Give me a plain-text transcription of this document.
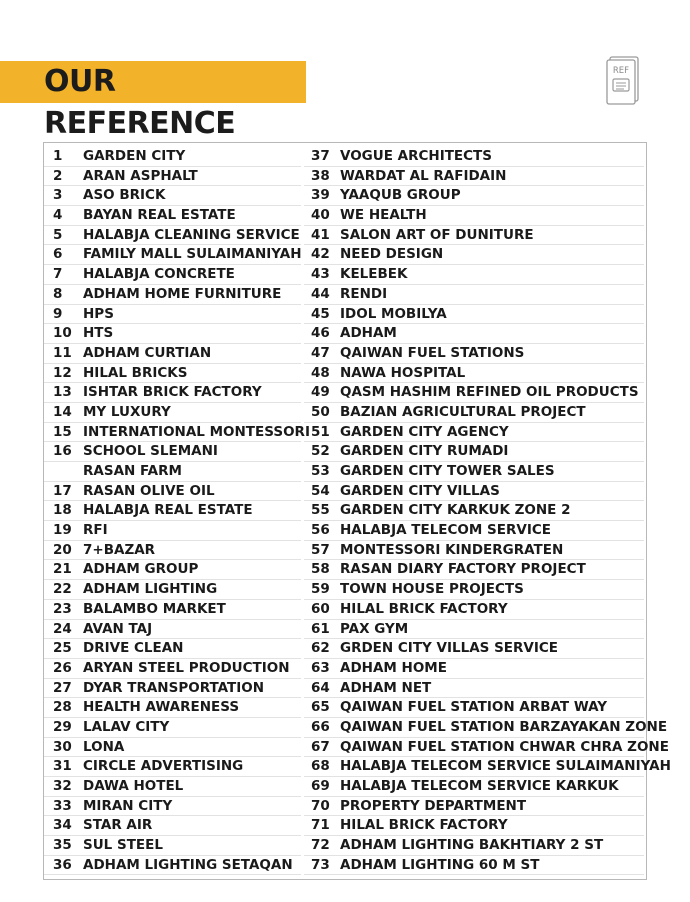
OUR REFERENCE
REF
1	GARDEN CITY
2	ARAN ASPHALT
3	ASO BRICK
4	BAYAN REAL ESTATE
5	HALABJA CLEANING SERVICE
6	FAMILY MALL SULAIMANIYAH
7	HALABJA CONCRETE
8	ADHAM HOME FURNITURE
9	HPS
10 HTS
11 ADHAM CURTIAN
12 HILAL BRICKS
13 ISHTAR BRICK FACTORY
14 MY LUXURY
15 INTERNATIONAL MONTESSORI
16 SCHOOL SLEMANI
RASAN FARM
17 RASAN OLIVE OIL
18 HALABJA REAL ESTATE
19 RFI
20 7+BAZAR
21 ADHAM GROUP
22 ADHAM LIGHTING
23 BALAMBO MARKET
24 AVAN TAJ
25 DRIVE CLEAN
26 ARYAN STEEL PRODUCTION
27 DYAR TRANSPORTATION
28 HEALTH AWARENESS
29 LALAV CITY
30 LONA
31 CIRCLE ADVERTISING
32 DAWA HOTEL
33 MIRAN CITY
34 STAR AIR
35 SUL STEEL
36 ADHAM LIGHTING SETAQAN
37 VOGUE ARCHITECTS
38 WARDAT AL RAFIDAIN
39 YAAQUB GROUP
40 WE HEALTH
41 SALON ART OF DUNITURE
42 NEED DESIGN
43 KELEBEK
44 RENDI
45 IDOL MOBILYA
46 ADHAM
47 QAIWAN FUEL STATIONS
48 NAWA HOSPITAL
49 QASM HASHIM REFINED OIL PRODUCTS
50 BAZIAN AGRICULTURAL PROJECT
51 GARDEN CITY AGENCY
52 GARDEN CITY RUMADI
53 GARDEN CITY TOWER SALES
54 GARDEN CITY VILLAS
55 GARDEN CITY KARKUK ZONE 2
56 HALABJA TELECOM SERVICE
57 MONTESSORI KINDERGRATEN
58 RASAN DIARY FACTORY PROJECT
59 TOWN HOUSE PROJECTS
60 HILAL BRICK FACTORY
61 PAX GYM
62 GRDEN CITY VILLAS SERVICE
63 ADHAM HOME
64 ADHAM NET
65 QAIWAN FUEL STATION ARBAT WAY
66 QAIWAN FUEL STATION BARZAYAKAN ZONE
67 QAIWAN FUEL STATION CHWAR CHRA ZONE
68 HALABJA TELECOM SERVICE SULAIMANIYAH
69 HALABJA TELECOM SERVICE KARKUK
70 PROPERTY DEPARTMENT
71 HILAL BRICK FACTORY
72 ADHAM LIGHTING BAKHTIARY 2 ST
73 ADHAM LIGHTING 60 M ST
